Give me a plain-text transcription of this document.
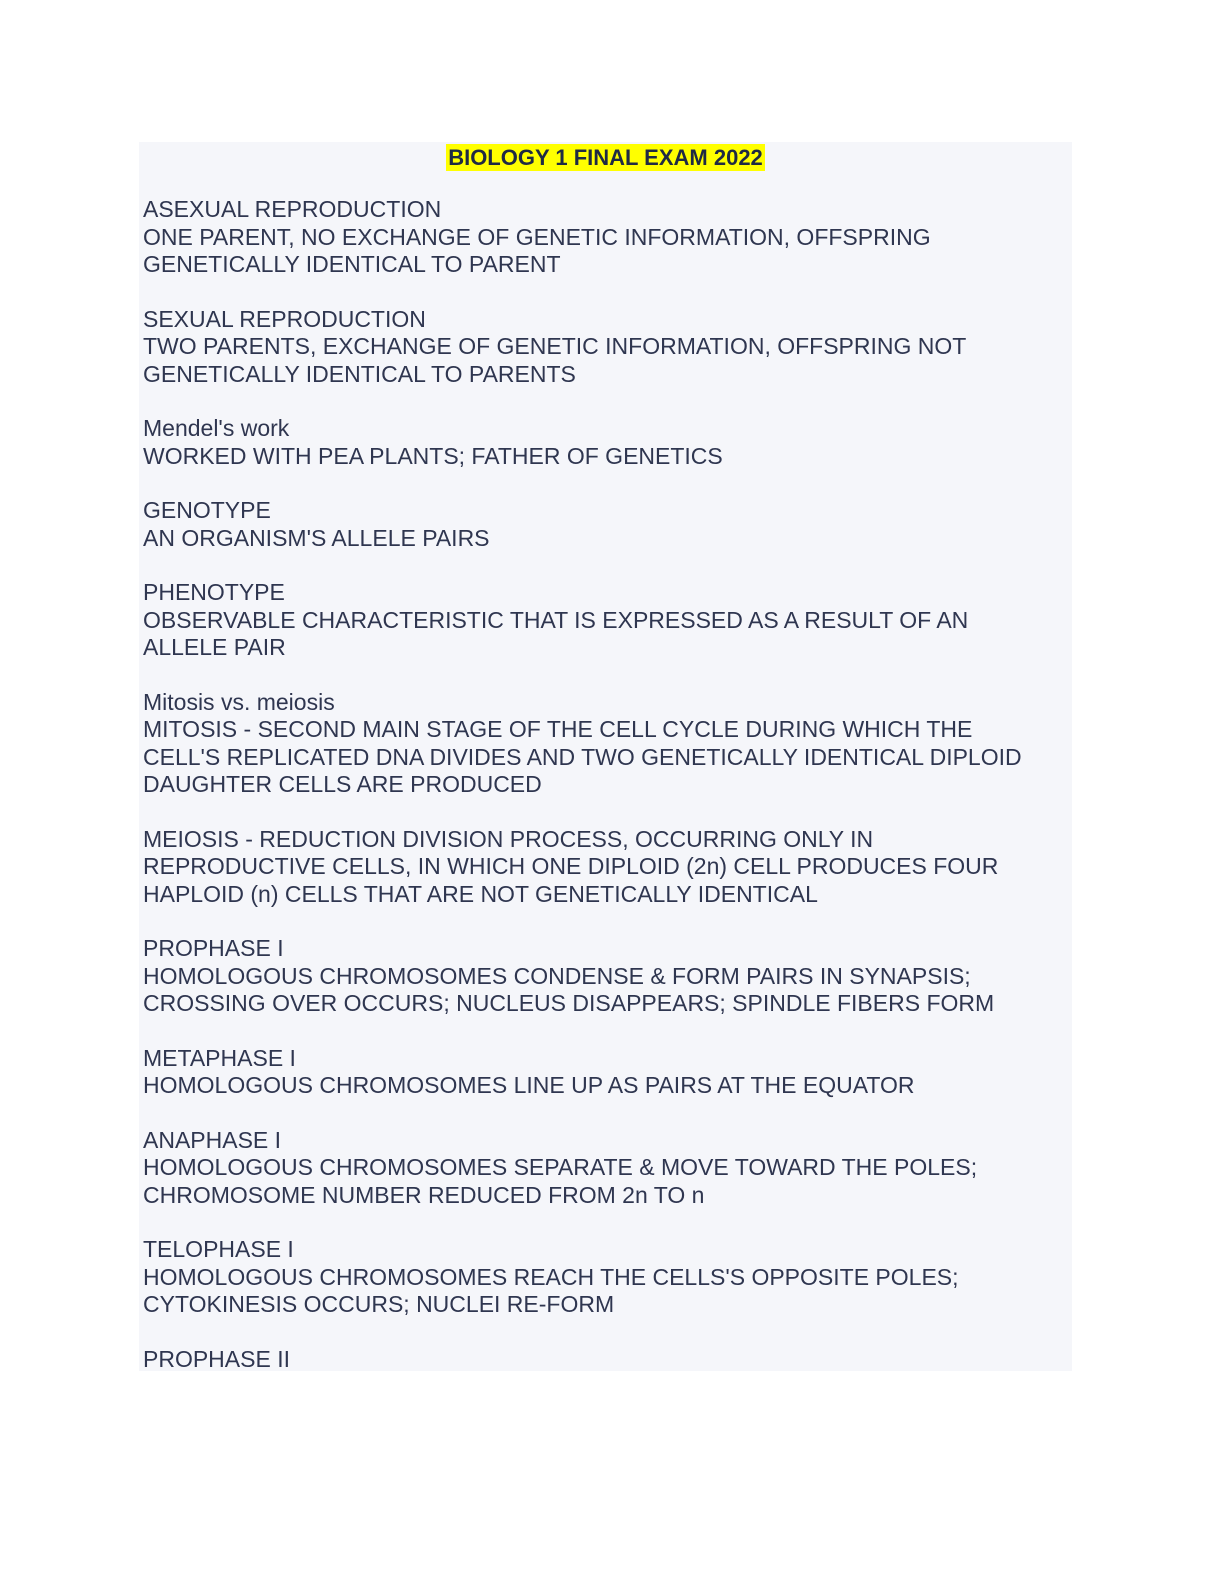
BIOLOGY 1 FINAL EXAM 2022
ASEXUAL REPRODUCTION
ONE PARENT, NO EXCHANGE OF GENETIC INFORMATION, OFFSPRING
GENETICALLY IDENTICAL TO PARENT
SEXUAL REPRODUCTION
TWO PARENTS, EXCHANGE OF GENETIC INFORMATION, OFFSPRING NOT
GENETICALLY IDENTICAL TO PARENTS
Mendel's work
WORKED WITH PEA PLANTS; FATHER OF GENETICS
GENOTYPE
AN ORGANISM'S ALLELE PAIRS
PHENOTYPE
OBSERVABLE CHARACTERISTIC THAT IS EXPRESSED AS A RESULT OF AN
ALLELE PAIR
Mitosis vs. meiosis
MITOSIS - SECOND MAIN STAGE OF THE CELL CYCLE DURING WHICH THE
CELL'S REPLICATED DNA DIVIDES AND TWO GENETICALLY IDENTICAL DIPLOID
DAUGHTER CELLS ARE PRODUCED
MEIOSIS - REDUCTION DIVISION PROCESS, OCCURRING ONLY IN
REPRODUCTIVE CELLS, IN WHICH ONE DIPLOID (2n) CELL PRODUCES FOUR
HAPLOID (n) CELLS THAT ARE NOT GENETICALLY IDENTICAL
PROPHASE I
HOMOLOGOUS CHROMOSOMES CONDENSE & FORM PAIRS IN SYNAPSIS;
CROSSING OVER OCCURS; NUCLEUS DISAPPEARS; SPINDLE FIBERS FORM
METAPHASE I
HOMOLOGOUS CHROMOSOMES LINE UP AS PAIRS AT THE EQUATOR
ANAPHASE I
HOMOLOGOUS CHROMOSOMES SEPARATE & MOVE TOWARD THE POLES;
CHROMOSOME NUMBER REDUCED FROM 2n TO n
TELOPHASE I
HOMOLOGOUS CHROMOSOMES REACH THE CELLS'S OPPOSITE POLES;
CYTOKINESIS OCCURS; NUCLEI RE-FORM
PROPHASE II
